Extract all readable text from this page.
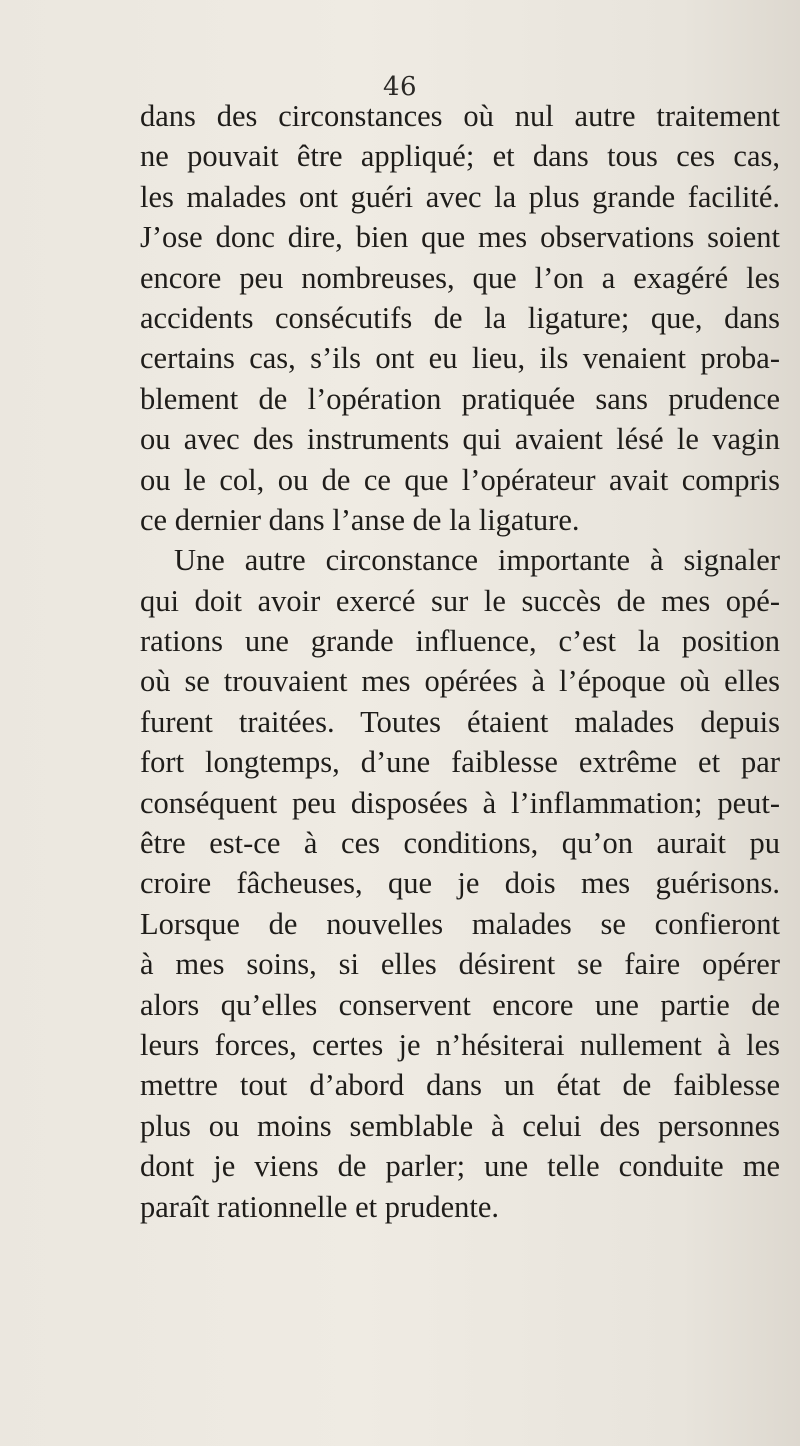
46
dans des circonstances où nul autre traitement
ne pouvait être appliqué; et dans tous ces cas,
les malades ont guéri avec la plus grande facilité.
J’ose donc dire, bien que mes observations soient
encore peu nombreuses, que l’on a exagéré les
accidents consécutifs de la ligature; que, dans
certains cas, s’ils ont eu lieu, ils venaient proba-
blement de l’opération pratiquée sans prudence
ou avec des instruments qui avaient lésé le vagin
ou le col, ou de ce que l’opérateur avait compris
ce dernier dans l’anse de la ligature.
Une autre circonstance importante à signaler
qui doit avoir exercé sur le succès de mes opé-
rations une grande influence, c’est la position
où se trouvaient mes opérées à l’époque où elles
furent traitées. Toutes étaient malades depuis
fort longtemps, d’une faiblesse extrême et par
conséquent peu disposées à l’inflammation; peut-
être est-ce à ces conditions, qu’on aurait pu
croire fâcheuses, que je dois mes guérisons.
Lorsque de nouvelles malades se confieront
à mes soins, si elles désirent se faire opérer
alors qu’elles conservent encore une partie de
leurs forces, certes je n’hésiterai nullement à les
mettre tout d’abord dans un état de faiblesse
plus ou moins semblable à celui des personnes
dont je viens de parler; une telle conduite me
paraît rationnelle et prudente.
